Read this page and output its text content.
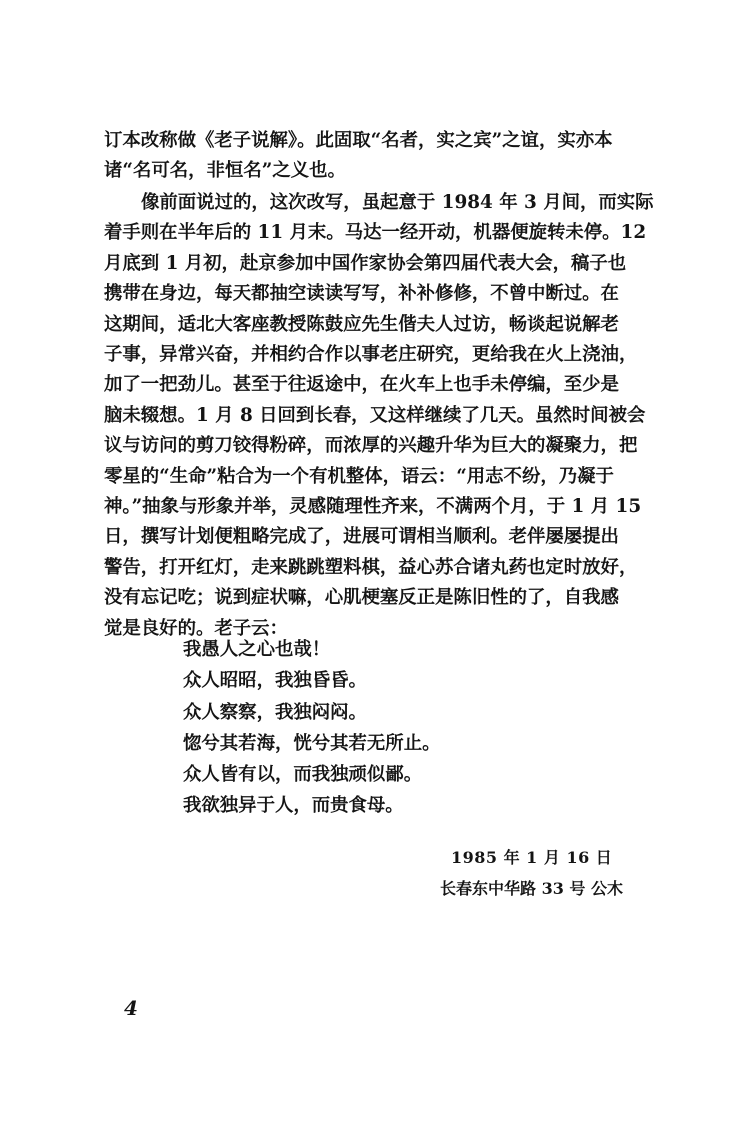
订本改称做《老子说解》。此固取“名者，实之宾”之谊，实亦本
诸“名可名，非恒名”之义也。
像前面说过的，这次改写，虽起意于 1984 年 3 月间，而实际
着手则在半年后的 11 月末。马达一经开动，机器便旋转未停。12
月底到 1 月初，赴京参加中国作家协会第四届代表大会，稿子也
携带在身边，每天都抽空读读写写，补补修修，不曾中断过。在
这期间，适北大客座教授陈鼓应先生偕夫人过访，畅谈起说解老
子事，异常兴奋，并相约合作以事老庄研究，更给我在火上浇油，
加了一把劲儿。甚至于往返途中，在火车上也手未停编，至少是
脑未辍想。1 月 8 日回到长春，又这样继续了几天。虽然时间被会
议与访问的剪刀铰得粉碎，而浓厚的兴趣升华为巨大的凝聚力，把
零星的“生命”粘合为一个有机整体，语云：“用志不纷，乃凝于
神。”抽象与形象并举，灵感随理性齐来，不满两个月，于 1 月 15
日，撰写计划便粗略完成了，进展可谓相当顺利。老伴屡屡提出
警告，打开红灯，走来跳跳塑料棋，益心苏合诸丸药也定时放好，
没有忘记吃；说到症状嘛，心肌梗塞反正是陈旧性的了，自我感
觉是良好的。老子云：
我愚人之心也哉！
众人昭昭，我独昏昏。
众人察察，我独闷闷。
惚兮其若海，恍兮其若无所止。
众人皆有以，而我独顽似鄙。
我欲独异于人，而贵食母。
1985 年 1 月 16 日
长春东中华路 33 号 公木
4
